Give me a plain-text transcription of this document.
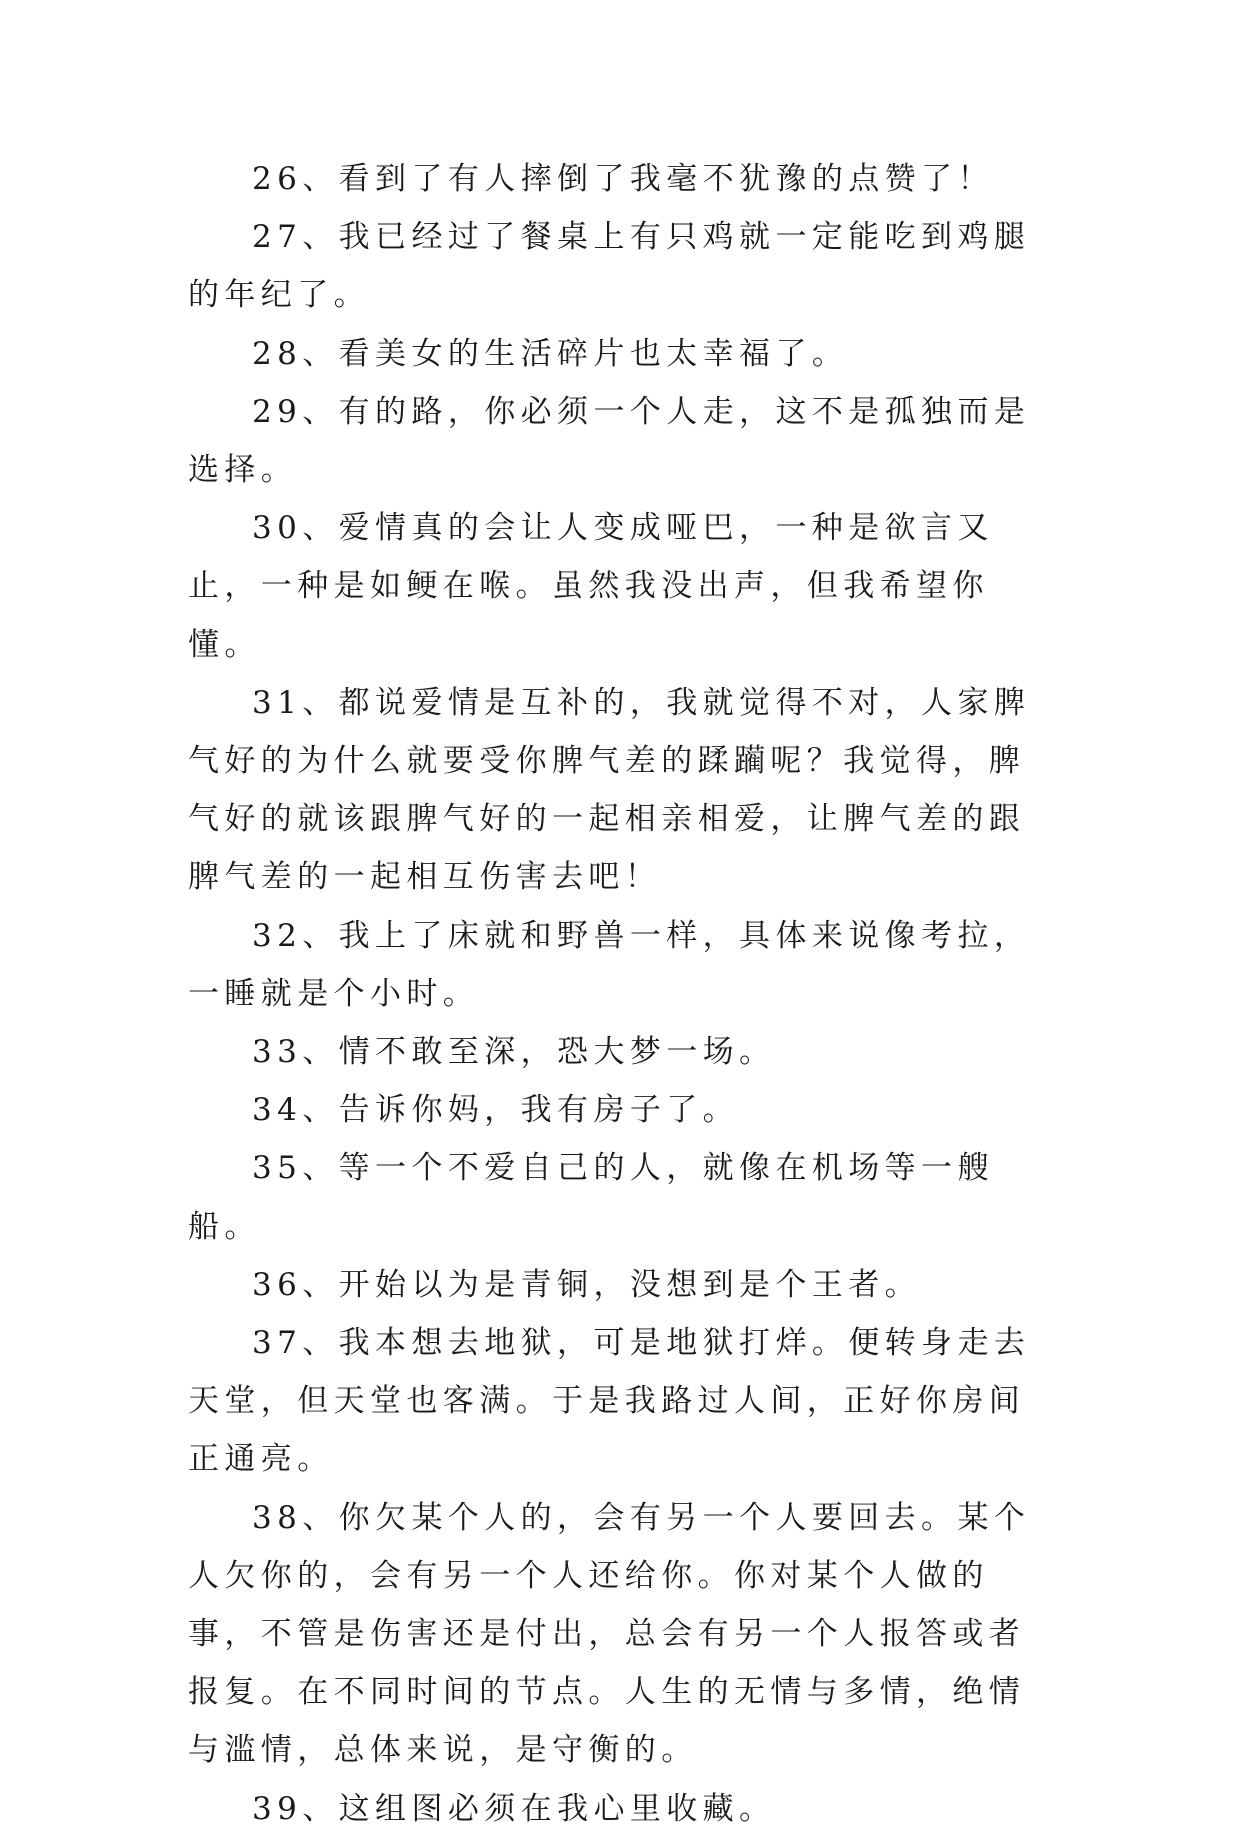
26、看到了有人摔倒了我毫不犹豫的点赞了！

27、我已经过了餐桌上有只鸡就一定能吃到鸡腿的年纪了。

28、看美女的生活碎片也太幸福了。

29、有的路，你必须一个人走，这不是孤独而是选择。

30、爱情真的会让人变成哑巴，一种是欲言又止，一种是如鲠在喉。虽然我没出声，但我希望你懂。

31、都说爱情是互补的，我就觉得不对，人家脾气好的为什么就要受你脾气差的蹂躏呢？我觉得，脾气好的就该跟脾气好的一起相亲相爱，让脾气差的跟脾气差的一起相互伤害去吧！

32、我上了床就和野兽一样，具体来说像考拉，一睡就是个小时。

33、情不敢至深，恐大梦一场。

34、告诉你妈，我有房子了。

35、等一个不爱自己的人，就像在机场等一艘船。

36、开始以为是青铜，没想到是个王者。

37、我本想去地狱，可是地狱打烊。便转身走去天堂，但天堂也客满。于是我路过人间，正好你房间正通亮。

38、你欠某个人的，会有另一个人要回去。某个人欠你的，会有另一个人还给你。你对某个人做的事，不管是伤害还是付出，总会有另一个人报答或者报复。在不同时间的节点。人生的无情与多情，绝情与滥情，总体来说，是守衡的。

39、这组图必须在我心里收藏。
